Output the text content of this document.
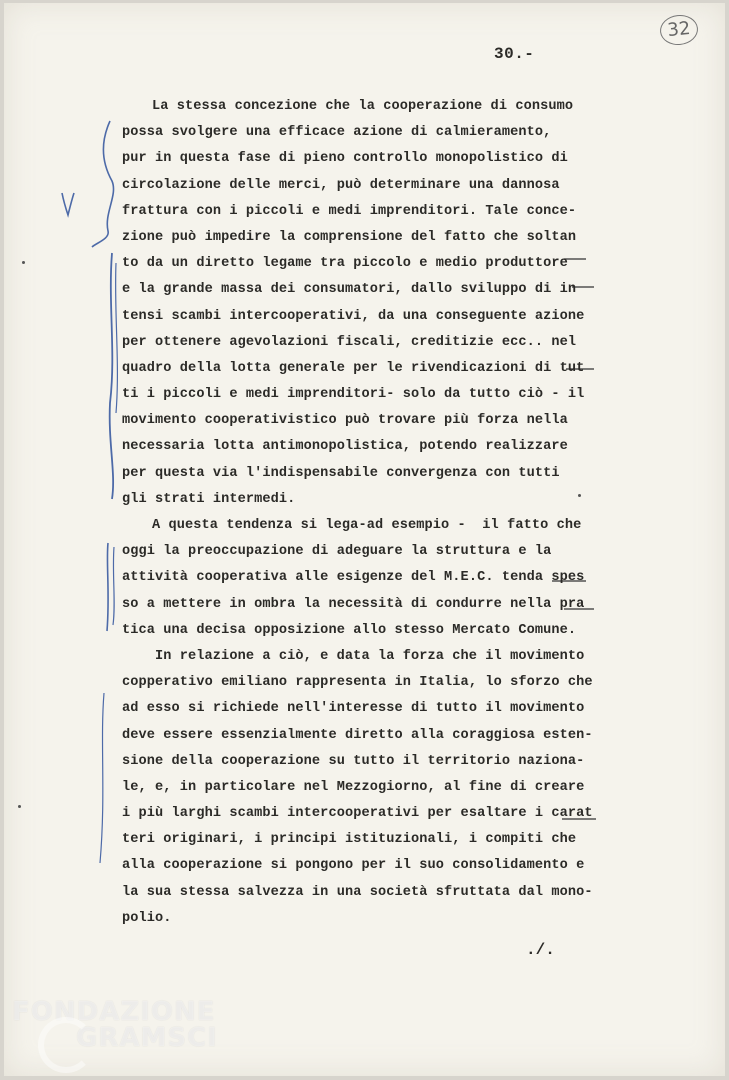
32
30.-
La stessa concezione che la cooperazione di consumo
possa svolgere una efficace azione di calmieramento,
pur in questa fase di pieno controllo monopolistico di
circolazione delle merci, può determinare una dannosa
frattura con i piccoli e medi imprenditori. Tale conce-
zione può impedire la comprensione del fatto che soltan
to da un diretto legame tra piccolo e medio produttore
e la grande massa dei consumatori, dallo sviluppo di in
tensi scambi intercooperativi, da una conseguente azione
per ottenere agevolazioni fiscali, creditizie ecc.. nel
quadro della lotta generale per le rivendicazioni di tut
ti i piccoli e medi imprenditori- solo da tutto ciò - il
movimento cooperativistico può trovare più forza nella
necessaria lotta antimonopolistica, potendo realizzare
per questa via l'indispensabile convergenza con tutti
gli strati intermedi.
A questa tendenza si lega-ad esempio -  il fatto che
oggi la preoccupazione di adeguare la struttura e la
attività cooperativa alle esigenze del M.E.C. tenda spes
so a mettere in ombra la necessità di condurre nella pra
tica una decisa opposizione allo stesso Mercato Comune.
In relazione a ciò, e data la forza che il movimento
copperativo emiliano rappresenta in Italia, lo sforzo che
ad esso si richiede nell'interesse di tutto il movimento
deve essere essenzialmente diretto alla coraggiosa esten-
sione della cooperazione su tutto il territorio naziona-
le, e, in particolare nel Mezzogiorno, al fine di creare
i più larghi scambi intercooperativi per esaltare i carat
teri originari, i principi istituzionali, i compiti che
alla cooperazione si pongono per il suo consolidamento e
la sua stessa salvezza in una società sfruttata dal mono-
polio.
./.
FONDAZIONE
GRAMSCI
